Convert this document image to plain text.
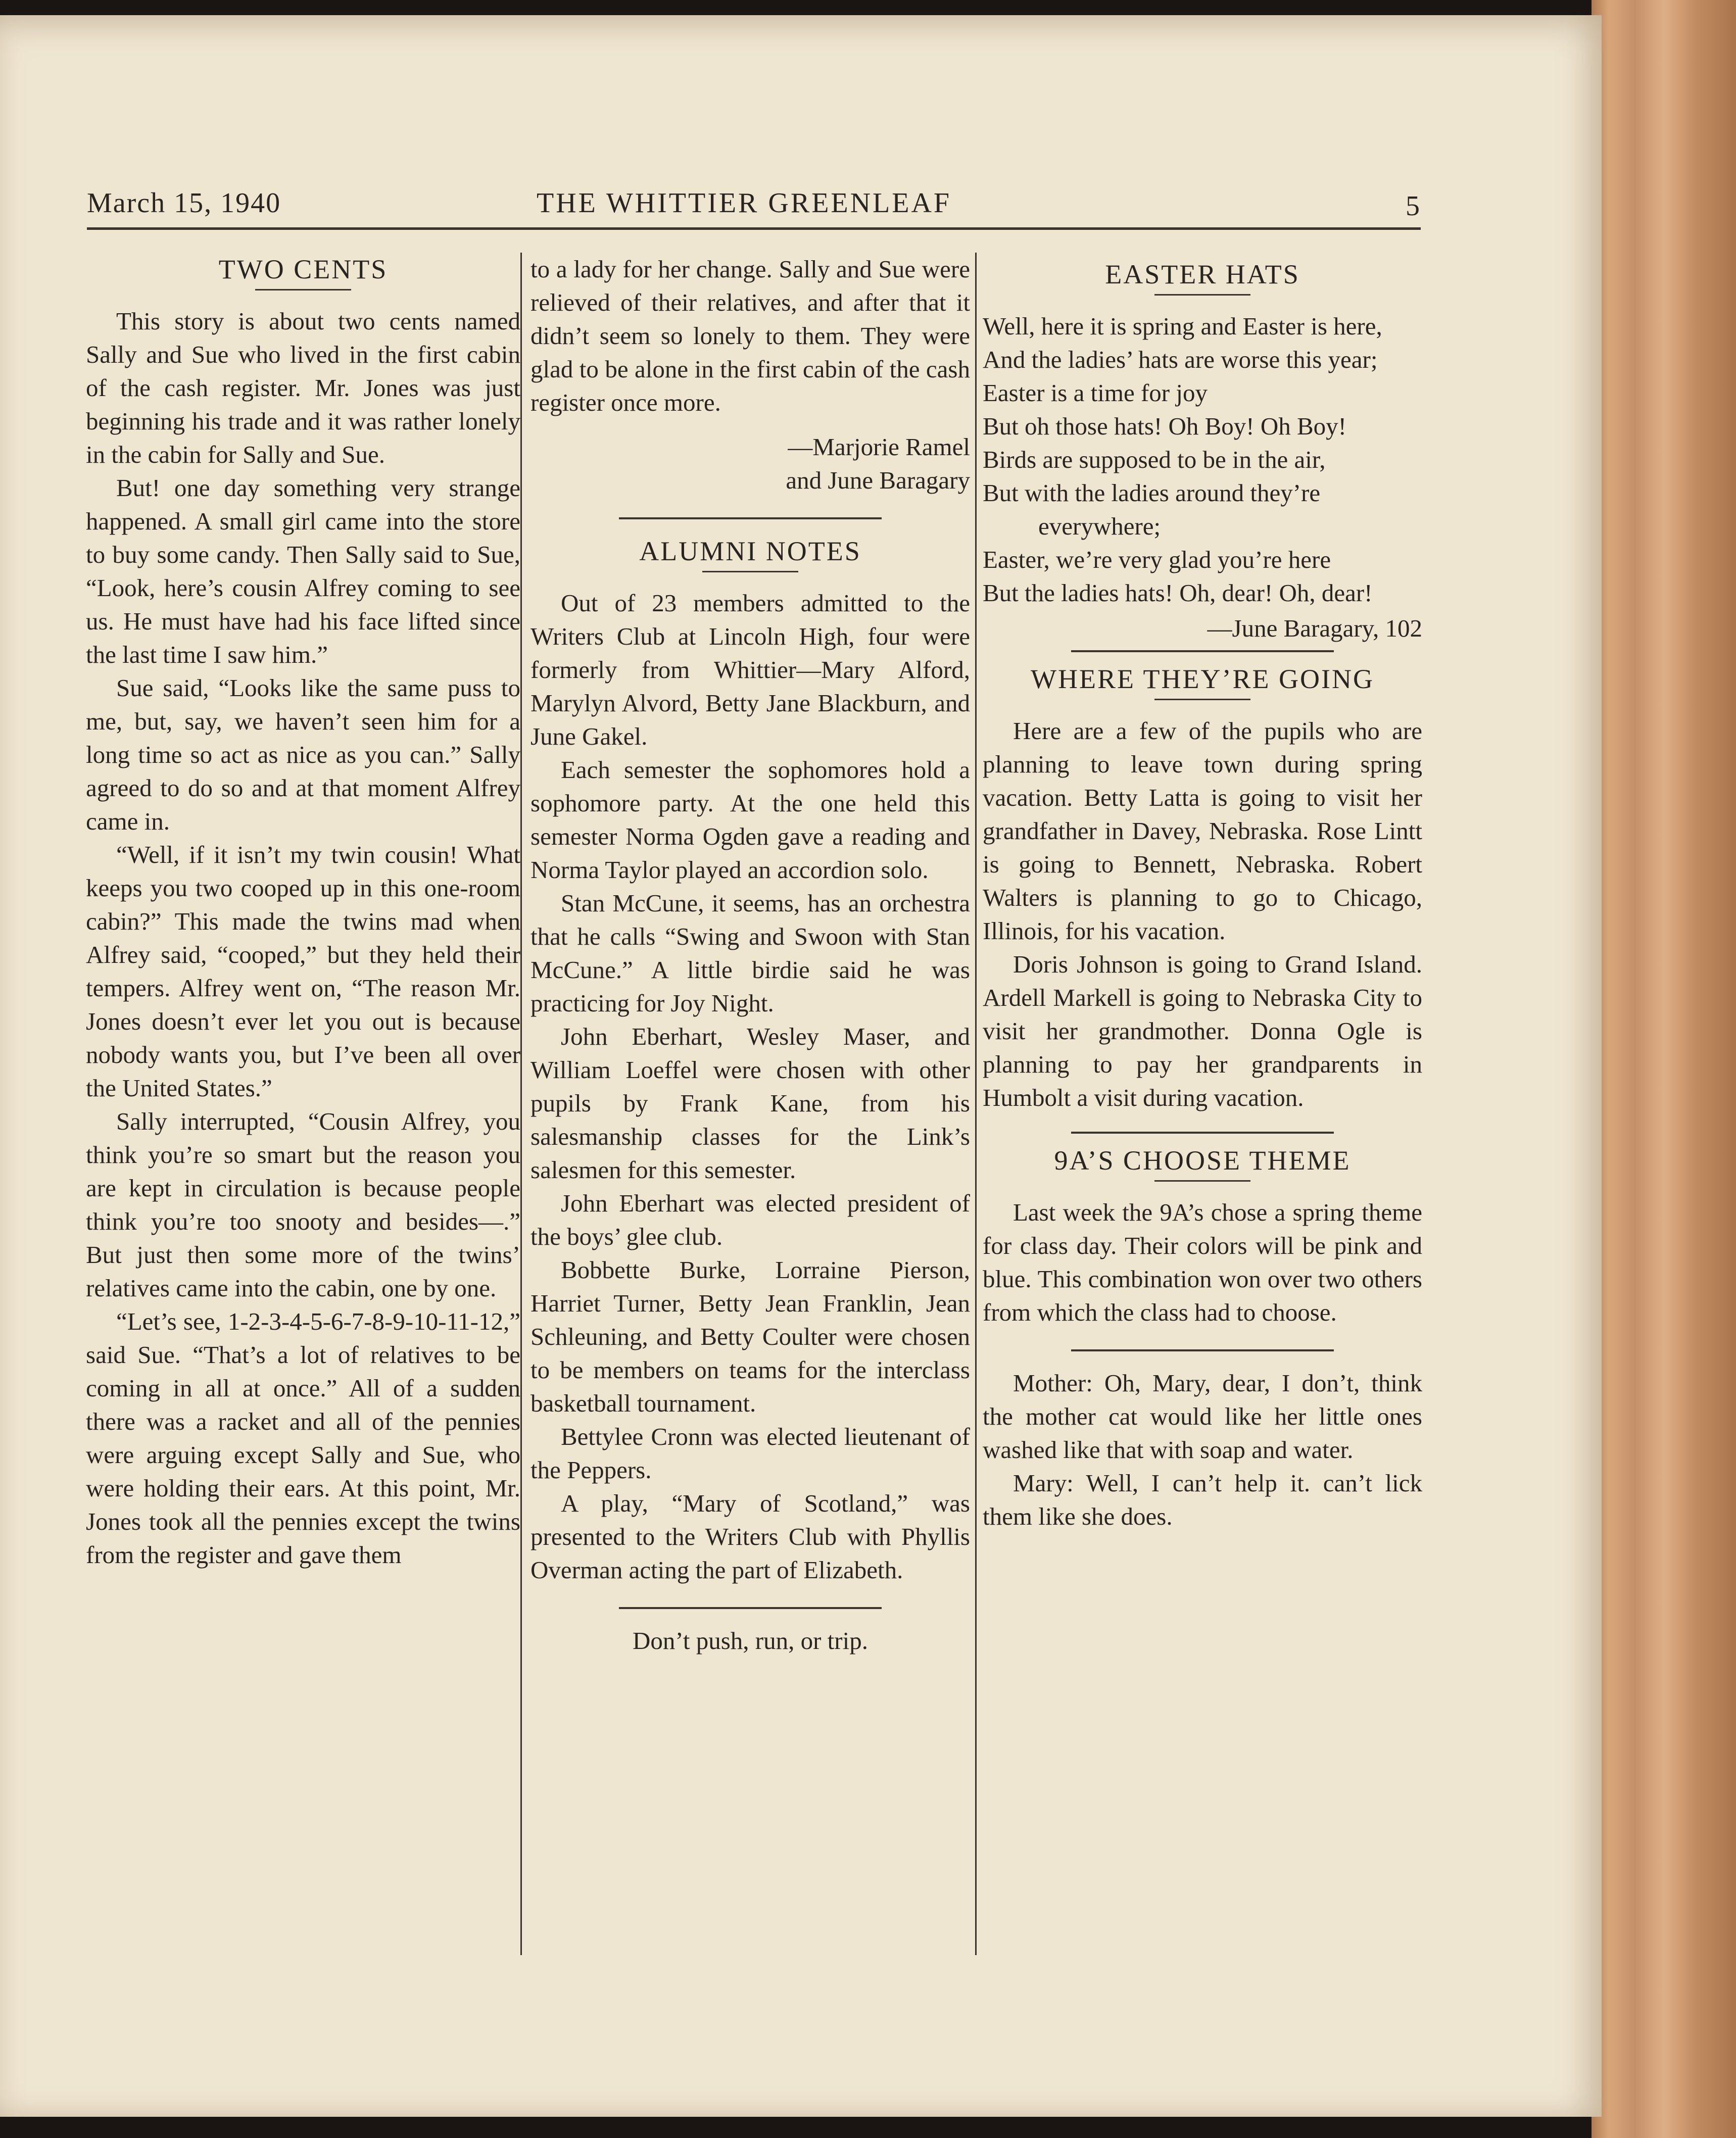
March 15, 1940	THE WHITTIER GREENLEAF	5
TWO CENTS

This story is about two cents named Sally and Sue who lived in the first cabin of the cash register. Mr. Jones was just beginning his trade and it was rather lonely in the cabin for Sally and Sue.

But! one day something very strange happened. A small girl came into the store to buy some candy. Then Sally said to Sue, “Look, here’s cousin Alfrey coming to see us. He must have had his face lifted since the last time I saw him.”

Sue said, “Looks like the same puss to me, but, say, we haven’t seen him for a long time so act as nice as you can.” Sally agreed to do so and at that moment Alfrey came in.

“Well, if it isn’t my twin cousin! What keeps you two cooped up in this one-room cabin?” This made the twins mad when Alfrey said, “cooped,” but they held their tempers. Alfrey went on, “The reason Mr. Jones doesn’t ever let you out is because nobody wants you, but I’ve been all over the United States.”

Sally interrupted, “Cousin Alfrey, you think you’re so smart but the reason you are kept in circulation is because people think you’re too snooty and besides—.” But just then some more of the twins’ relatives came into the cabin, one by one.

“Let’s see, 1-2-3-4-5-6-7-8-9-10-11-12,” said Sue. “That’s a lot of relatives to be coming in all at once.” All of a sudden there was a racket and all of the pennies were arguing except Sally and Sue, who were holding their ears. At this point, Mr. Jones took all the pennies except the twins from the register and gave them

to a lady for her change. Sally and Sue were relieved of their relatives, and after that it didn’t seem so lonely to them. They were glad to be alone in the first cabin of the cash register once more.

—Marjorie Ramel
and June Baragary
ALUMNI NOTES

Out of 23 members admitted to the Writers Club at Lincoln High, four were formerly from Whittier—Mary Alford, Marylyn Alvord, Betty Jane Blackburn, and June Gakel.

Each semester the sophomores hold a sophomore party. At the one held this semester Norma Ogden gave a reading and Norma Taylor played an accordion solo.

Stan McCune, it seems, has an orchestra that he calls “Swing and Swoon with Stan McCune.” A little birdie said he was practicing for Joy Night.

John Eberhart, Wesley Maser, and William Loeffel were chosen with other pupils by Frank Kane, from his salesmanship classes for the Link’s salesmen for this semester.

John Eberhart was elected president of the boys’ glee club.

Bobbette Burke, Lorraine Pierson, Harriet Turner, Betty Jean Franklin, Jean Schleuning, and Betty Coulter were chosen to be members on teams for the interclass basketball tournament.

Bettylee Cronn was elected lieutenant of the Peppers.

A play, “Mary of Scotland,” was presented to the Writers Club with Phyllis Overman acting the part of Elizabeth.

Don’t push, run, or trip.

EASTER HATS
Well, here it is spring and Easter is here,
And the ladies’ hats are worse this year;
Easter is a time for joy
But oh those hats! Oh Boy! Oh Boy!
Birds are supposed to be in the air,
But with the ladies around they’re everywhere;
Easter, we’re very glad you’re here
But the ladies hats! Oh, dear! Oh, dear!
—June Baragary, 102
WHERE THEY’RE GOING

Here are a few of the pupils who are planning to leave town during spring vacation. Betty Latta is going to visit her grandfather in Davey, Nebraska. Rose Lintt is going to Bennett, Nebraska. Robert Walters is planning to go to Chicago, Illinois, for his vacation.

Doris Johnson is going to Grand Island. Ardell Markell is going to Nebraska City to visit her grandmother. Donna Ogle is planning to pay her grandparents in Humbolt a visit during vacation.

9A’S CHOOSE THEME

Last week the 9A’s chose a spring theme for class day. Their colors will be pink and blue. This combination won over two others from which the class had to choose.

Mother: Oh, Mary, dear, I don’t, think the mother cat would like her little ones washed like that with soap and water.

Mary: Well, I can’t help it. can’t lick them like she does.
